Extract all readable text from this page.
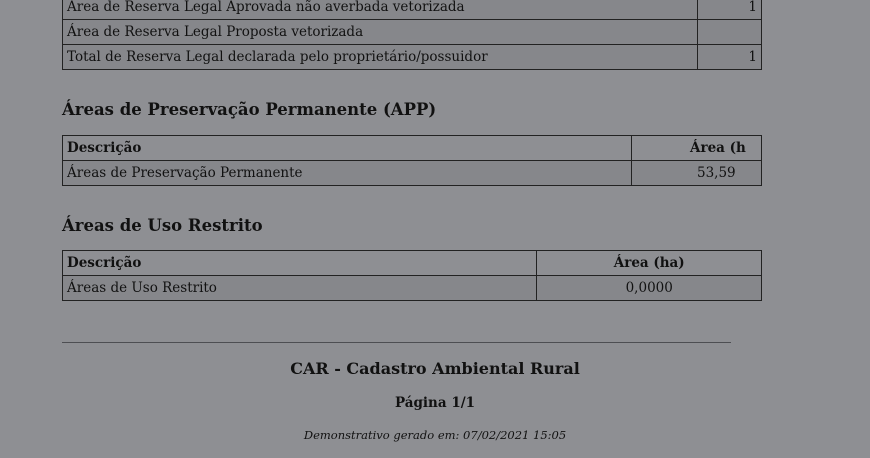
Área de Reserva Legal Aprovada não averbada vetorizada	1
Área de Reserva Legal Proposta vetorizada	
Total de Reserva Legal declarada pelo proprietário/possuidor	1
Áreas de Preservação Permanente (APP)
Descrição	Área (h
Áreas de Preservação Permanente	53,59
Áreas de Uso Restrito
Descrição	Área (ha)
Áreas de Uso Restrito	0,0000
CAR - Cadastro Ambiental Rural
Página 1/1
Demonstrativo gerado em: 07/02/2021 15:05
